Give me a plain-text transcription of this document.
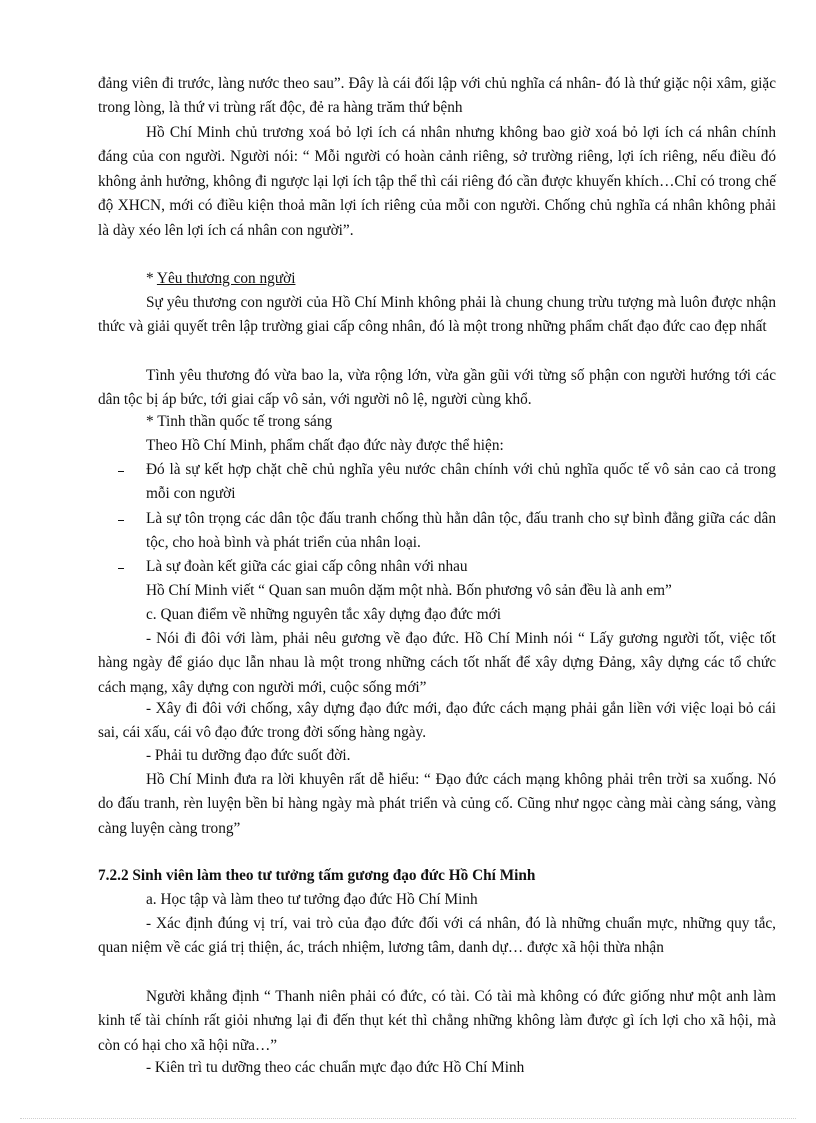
đảng viên đi trước, làng nước theo sau”. Đây là cái đối lập với chủ nghĩa cá nhân- đó là thứ giặc nội xâm, giặc trong lòng, là thứ vi trùng rất độc, đẻ ra hàng trăm thứ bệnh

Hồ Chí Minh chủ trương xoá bỏ lợi ích cá nhân nhưng không bao giờ xoá bỏ lợi ích cá nhân chính đáng của con người. Người nói: “ Mỗi người có hoàn cảnh riêng, sở trường riêng, lợi ích riêng, nếu điều đó không ảnh hưởng, không đi ngược lại lợi ích tập thể thì cái riêng đó cần được khuyến khích…Chỉ có trong chế độ XHCN, mới có điều kiện thoả mãn lợi ích riêng của mỗi con người. Chống chủ nghĩa cá nhân không phải là dày xéo lên lợi ích cá nhân con người”.

* Yêu thương con người

Sự yêu thương con người của Hồ Chí Minh không phải là chung chung trừu tượng mà luôn được nhận thức và giải quyết trên lập trường giai cấp công nhân, đó là một trong những phẩm chất đạo đức cao đẹp nhất

Tình yêu thương đó vừa bao la, vừa rộng lớn, vừa gần gũi với từng số phận con người hướng tới các dân tộc bị áp bức, tới giai cấp vô sản, với người nô lệ, người cùng khổ.

* Tinh thần quốc tế trong sáng

Theo Hồ Chí Minh, phẩm chất đạo đức này được thể hiện:

Đó là sự kết hợp chặt chẽ chủ nghĩa yêu nước chân chính với chủ nghĩa quốc tế vô sản cao cả trong mỗi con người

Là sự tôn trọng các dân tộc đấu tranh chống thù hằn dân tộc, đấu tranh cho sự bình đẳng giữa các dân tộc, cho hoà bình và phát triển của nhân loại.

Là sự đoàn kết giữa các giai cấp công nhân với nhau

Hồ Chí Minh viết “ Quan san muôn dặm một nhà. Bốn phương vô sản đều là anh em”

c. Quan điểm về những nguyên tắc xây dựng đạo đức mới

- Nói đi đôi với làm, phải nêu gương về đạo đức. Hồ Chí Minh nói “ Lấy gương người tốt, việc tốt hàng ngày để giáo dục lẫn nhau là một trong những cách tốt nhất để xây dựng Đảng, xây dựng các tổ chức cách mạng, xây dựng con người mới, cuộc sống mới”

- Xây đi đôi với chống, xây dựng đạo đức mới, đạo đức cách mạng phải gắn liền với việc loại bỏ cái sai, cái xấu, cái vô đạo đức trong đời sống hàng ngày.

- Phải tu dưỡng đạo đức suốt đời.

Hồ Chí Minh đưa ra lời khuyên rất dễ hiểu: “ Đạo đức cách mạng không phải trên trời sa xuống. Nó do đấu tranh, rèn luyện bền bỉ hàng ngày mà phát triển và củng cố. Cũng như ngọc càng mài càng sáng, vàng càng luyện càng trong”

7.2.2 Sinh viên làm theo tư tưởng tấm gương đạo đức Hồ Chí Minh

a. Học tập và làm theo tư tưởng đạo đức Hồ Chí Minh

- Xác định đúng vị trí, vai trò của đạo đức đối với cá nhân, đó là những chuẩn mực, những quy tắc, quan niệm về các giá trị thiện, ác, trách nhiệm, lương tâm, danh dự… được xã hội thừa nhận

Người khẳng định “ Thanh niên phải có đức, có tài. Có tài mà không có đức giống như một anh làm kinh tế tài chính rất giỏi nhưng lại đi đến thụt két thì chẳng những không làm được gì ích lợi cho xã hội, mà còn có hại cho xã hội nữa…”

- Kiên trì tu dưỡng theo các chuẩn mực đạo đức Hồ Chí Minh
